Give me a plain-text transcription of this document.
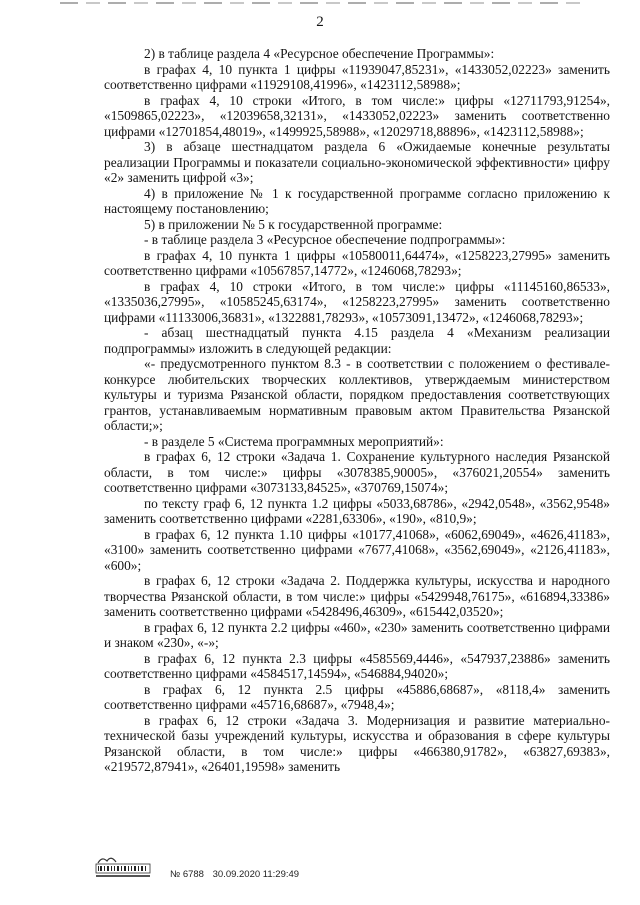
2

2) в таблице раздела 4 «Ресурсное обеспечение Программы»:

в графах 4, 10 пункта 1 цифры «11939047,85231», «1433052,02223» заменить соответственно цифрами «11929108,41996», «1423112,58988»;

в графах 4, 10 строки «Итого, в том числе:» цифры «12711793,91254», «1509865,02223», «12039658,32131», «1433052,02223» заменить соответственно цифрами «12701854,48019», «1499925,58988», «12029718,88896», «1423112,58988»;

3) в абзаце шестнадцатом раздела 6 «Ожидаемые конечные результаты реализации Программы и показатели социально-экономической эффективности» цифру «2» заменить цифрой «3»;

4) в приложение № 1 к государственной программе согласно приложению к настоящему постановлению;

5) в приложении № 5 к государственной программе:

- в таблице раздела 3 «Ресурсное обеспечение подпрограммы»:

в графах 4, 10 пункта 1 цифры «10580011,64474», «1258223,27995» заменить соответственно цифрами «10567857,14772», «1246068,78293»;

в графах 4, 10 строки «Итого, в том числе:» цифры «11145160,86533», «1335036,27995», «10585245,63174», «1258223,27995» заменить соответственно цифрами «11133006,36831», «1322881,78293», «10573091,13472», «1246068,78293»;

- абзац шестнадцатый пункта 4.15 раздела 4 «Механизм реализации подпрограммы» изложить в следующей редакции:

«- предусмотренного пунктом 8.3 - в соответствии с положением о фестивале-конкурсе любительских творческих коллективов, утверждаемым министерством культуры и туризма Рязанской области, порядком предоставления соответствующих грантов, устанавливаемым нормативным правовым актом Правительства Рязанской области;»;

- в разделе 5 «Система программных мероприятий»:

в графах 6, 12 строки «Задача 1. Сохранение культурного наследия Рязанской области, в том числе:» цифры «3078385,90005», «376021,20554» заменить соответственно цифрами «3073133,84525», «370769,15074»;

по тексту граф 6, 12 пункта 1.2 цифры «5033,68786», «2942,0548», «3562,9548» заменить соответственно цифрами «2281,63306», «190», «810,9»;

в графах 6, 12 пункта 1.10 цифры «10177,41068», «6062,69049», «4626,41183», «3100» заменить соответственно цифрами «7677,41068», «3562,69049», «2126,41183», «600»;

в графах 6, 12 строки «Задача 2. Поддержка культуры, искусства и народного творчества Рязанской области, в том числе:» цифры «5429948,76175», «616894,33386» заменить соответственно цифрами «5428496,46309», «615442,03520»;

в графах 6, 12 пункта 2.2 цифры «460», «230» заменить соответственно цифрами и знаком «230», «-»;

в графах 6, 12 пункта 2.3 цифры «4585569,4446», «547937,23886» заменить соответственно цифрами «4584517,14594», «546884,94020»;

в графах 6, 12 пункта 2.5 цифры «45886,68687», «8118,4» заменить соответственно цифрами «45716,68687», «7948,4»;

в графах 6, 12 строки «Задача 3. Модернизация и развитие материально-технической базы учреждений культуры, искусства и образования в сфере культуры Рязанской области, в том числе:» цифры «466380,91782», «63827,69383», «219572,87941», «26401,19598» заменить

№ 6788 30.09.2020 11:29:49
